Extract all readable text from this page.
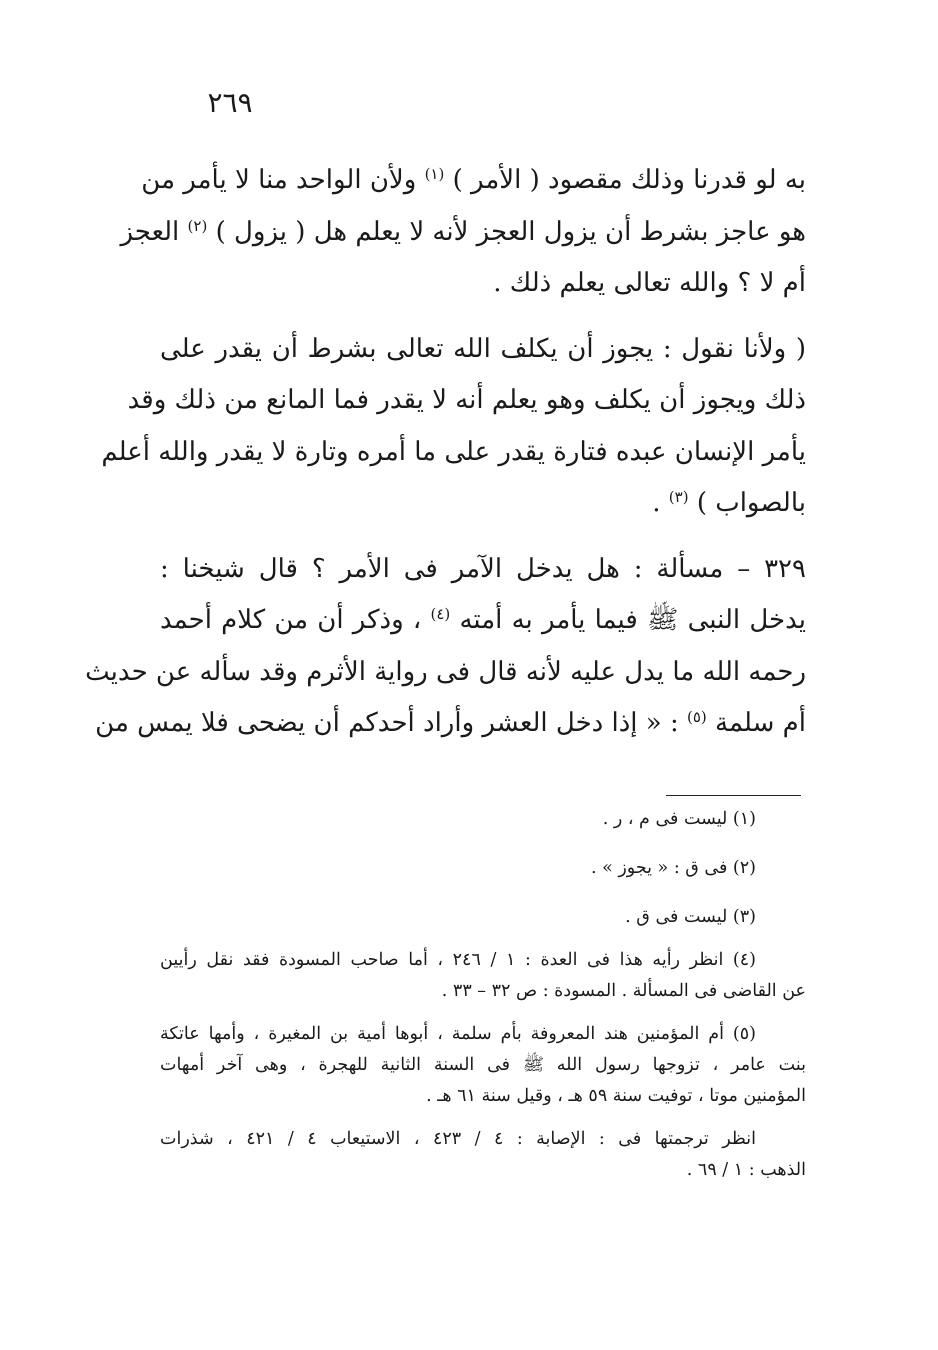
٢٦٩

به لو قدرنا وذلك مقصود ( الأمر ) $^{(١)}$ ولأن الواحد منا لا يأمر من
هو عاجز بشرط أن يزول العجز لأنه لا يعلم هل ( يزول ) $^{(٢)}$ العجز
أم لا ؟ والله تعالى يعلم ذلك .

( ولأنا نقول : يجوز أن يكلف الله تعالى بشرط أن يقدر على
ذلك ويجوز أن يكلف وهو يعلم أنه لا يقدر فما المانع من ذلك وقد
يأمر الإنسان عبده فتارة يقدر على ما أمره وتارة لا يقدر والله أعلم
بالصواب ) $^{(٣)}$ .

٣٢٩ – مسألة : هل يدخل الآمر فى الأمر ؟ قال شيخنا :
يدخل النبى ﷺ فيما يأمر به أمته $^{(٤)}$ ، وذكر أن من كلام أحمد
رحمه الله ما يدل عليه لأنه قال فى رواية الأثرم وقد سأله عن حديث
أم سلمة $^{(٥)}$ : « إذا دخل العشر وأراد أحدكم أن يضحى فلا يمس من

(١) ليست فى م ، ر .

(٢) فى ق : « يجوز » .

(٣) ليست فى ق .

(٤) انظر رأيه هذا فى العدة : ١ / ٢٤٦ ، أما صاحب المسودة فقد نقل رأيين
عن القاضى فى المسألة . المسودة : ص ٣٢ – ٣٣ .

(٥) أم المؤمنين هند المعروفة بأم سلمة ، أبوها أمية بن المغيرة ، وأمها عاتكة
بنت عامر ، تزوجها رسول الله ﷺ فى السنة الثانية للهجرة ، وهى آخر أمهات
المؤمنين موتا ، توفيت سنة ٥٩ هـ ، وقيل سنة ٦١ هـ .

انظر ترجمتها فى : الإصابة : ٤ / ٤٢٣ ، الاستيعاب ٤ / ٤٢١ ، شذرات
الذهب : ١ / ٦٩ .
